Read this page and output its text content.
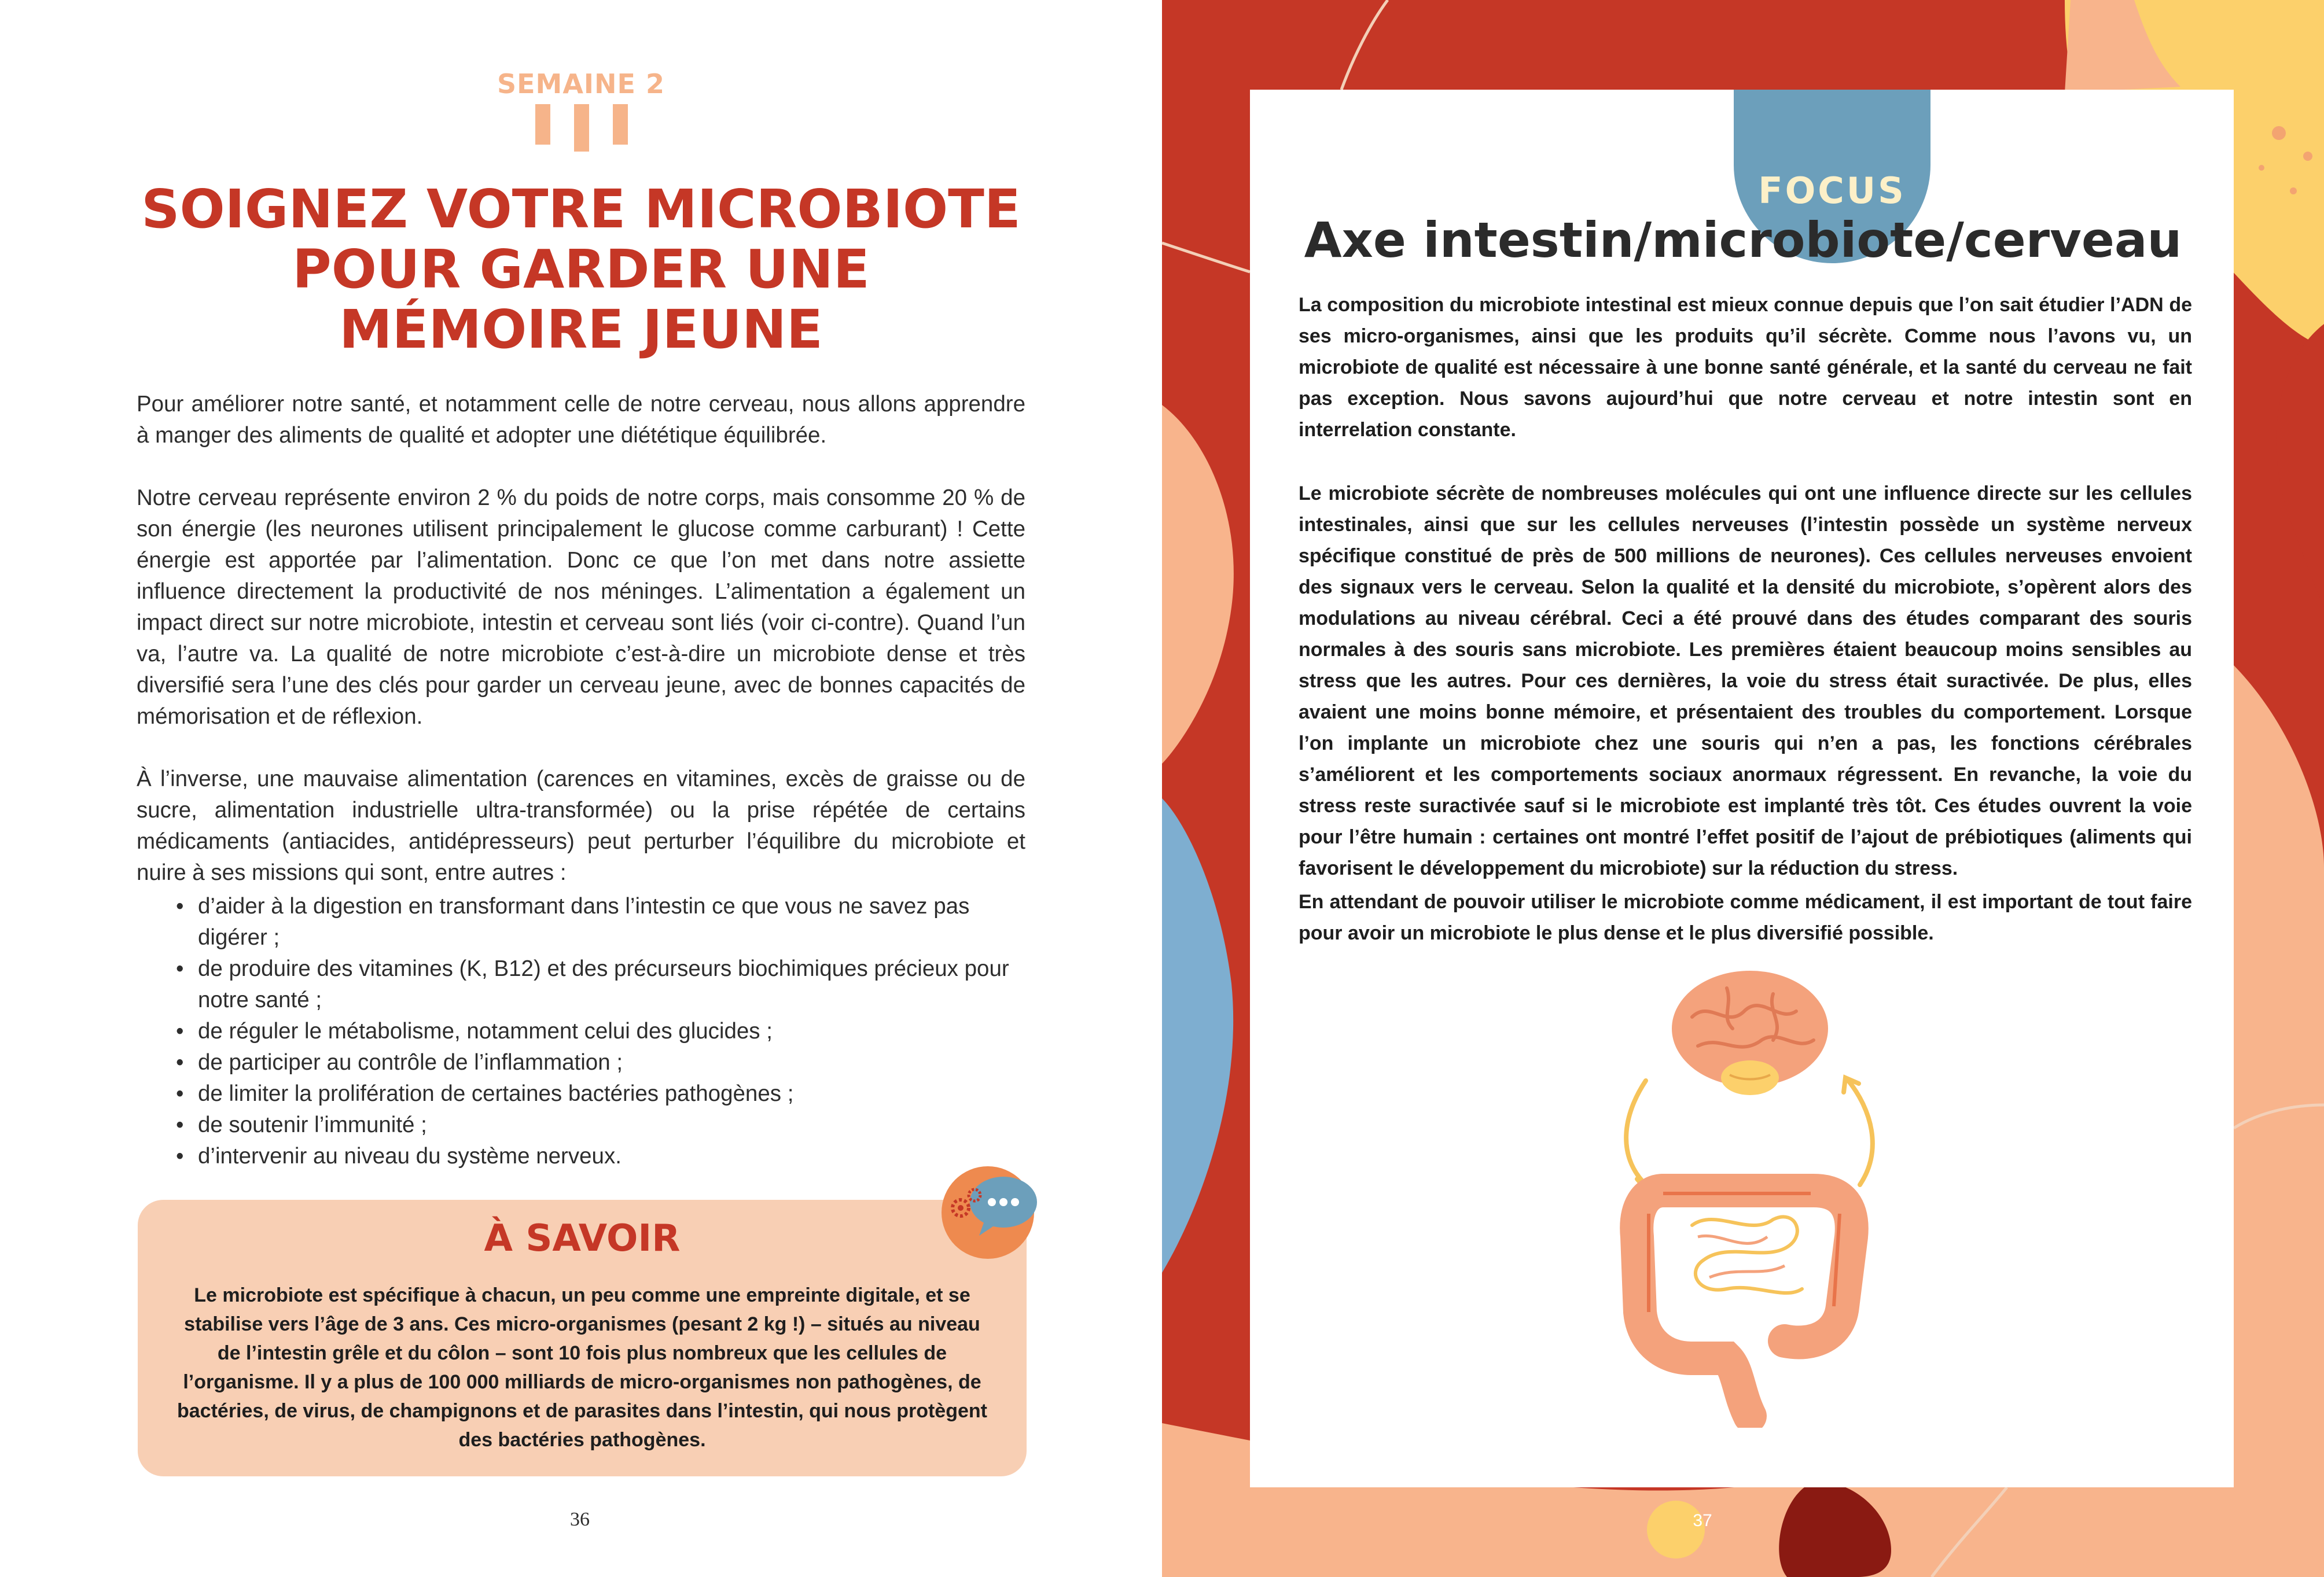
SEMAINE 2
SOIGNEZ VOTRE MICROBIOTE
POUR GARDER UNE
MÉMOIRE JEUNE
Pour améliorer notre santé, et notamment celle de notre cerveau, nous allons apprendre à manger des aliments de qualité et adopter une diététique équilibrée.
Notre cerveau représente environ 2 % du poids de notre corps, mais consomme 20 % de son énergie (les neurones utilisent principalement le glucose comme carburant) ! Cette énergie est apportée par l’alimentation. Donc ce que l’on met dans notre assiette influence directement la productivité de nos méninges. L’alimentation a également un impact direct sur notre microbiote, intestin et cerveau sont liés (voir ci-contre). Quand l’un va, l’autre va. La qualité de notre microbiote c’est-à-dire un microbiote dense et très diversifié sera l’une des clés pour garder un cerveau jeune, avec de bonnes capacités de mémorisation et de réflexion.
À l’inverse, une mauvaise alimentation (carences en vitamines, excès de graisse ou de sucre, alimentation industrielle ultra-transformée) ou la prise répétée de certains médicaments (antiacides, antidépresseurs) peut perturber l’équilibre du microbiote et nuire à ses missions qui sont, entre autres :
• d’aider à la digestion en transformant dans l’intestin ce que vous ne savez pas digérer ;
• de produire des vitamines (K, B12) et des précurseurs biochimiques précieux pour notre santé ;
• de réguler le métabolisme, notamment celui des glucides ;
• de participer au contrôle de l’inflammation ;
• de limiter la prolifération de certaines bactéries pathogènes ;
• de soutenir l’immunité ;
• d’intervenir au niveau du système nerveux.
À SAVOIR
Le microbiote est spécifique à chacun, un peu comme une empreinte digitale, et se stabilise vers l’âge de 3 ans. Ces micro-organismes (pesant 2 kg !) – situés au niveau de l’intestin grêle et du côlon – sont 10 fois plus nombreux que les cellules de l’organisme. Il y a plus de 100 000 milliards de micro-organismes non pathogènes, de bactéries, de virus, de champignons et de parasites dans l’intestin, qui nous protègent des bactéries pathogènes.
36
FOCUS
Axe intestin/microbiote/cerveau
La composition du microbiote intestinal est mieux connue depuis que l’on sait étudier l’ADN de ses micro-organismes, ainsi que les produits qu’il sécrète. Comme nous l’avons vu, un microbiote de qualité est nécessaire à une bonne santé générale, et la santé du cerveau ne fait pas exception. Nous savons aujourd’hui que notre cerveau et notre intestin sont en interrelation constante.
Le microbiote sécrète de nombreuses molécules qui ont une influence directe sur les cellules intestinales, ainsi que sur les cellules nerveuses (l’intestin possède un système nerveux spécifique constitué de près de 500 millions de neurones). Ces cellules nerveuses envoient des signaux vers le cerveau. Selon la qualité et la densité du microbiote, s’opèrent alors des modulations au niveau cérébral. Ceci a été prouvé dans des études comparant des souris normales à des souris sans microbiote. Les premières étaient beaucoup moins sensibles au stress que les autres. Pour ces dernières, la voie du stress était suractivée. De plus, elles avaient une moins bonne mémoire, et présentaient des troubles du comportement. Lorsque l’on implante un microbiote chez une souris qui n’en a pas, les fonctions cérébrales s’améliorent et les comportements sociaux anormaux régressent. En revanche, la voie du stress reste suractivée sauf si le microbiote est implanté très tôt. Ces études ouvrent la voie pour l’être humain : certaines ont montré l’effet positif de l’ajout de prébiotiques (aliments qui favorisent le développement du microbiote) sur la réduction du stress.
En attendant de pouvoir utiliser le microbiote comme médicament, il est important de tout faire pour avoir un microbiote le plus dense et le plus diversifié possible.
37
